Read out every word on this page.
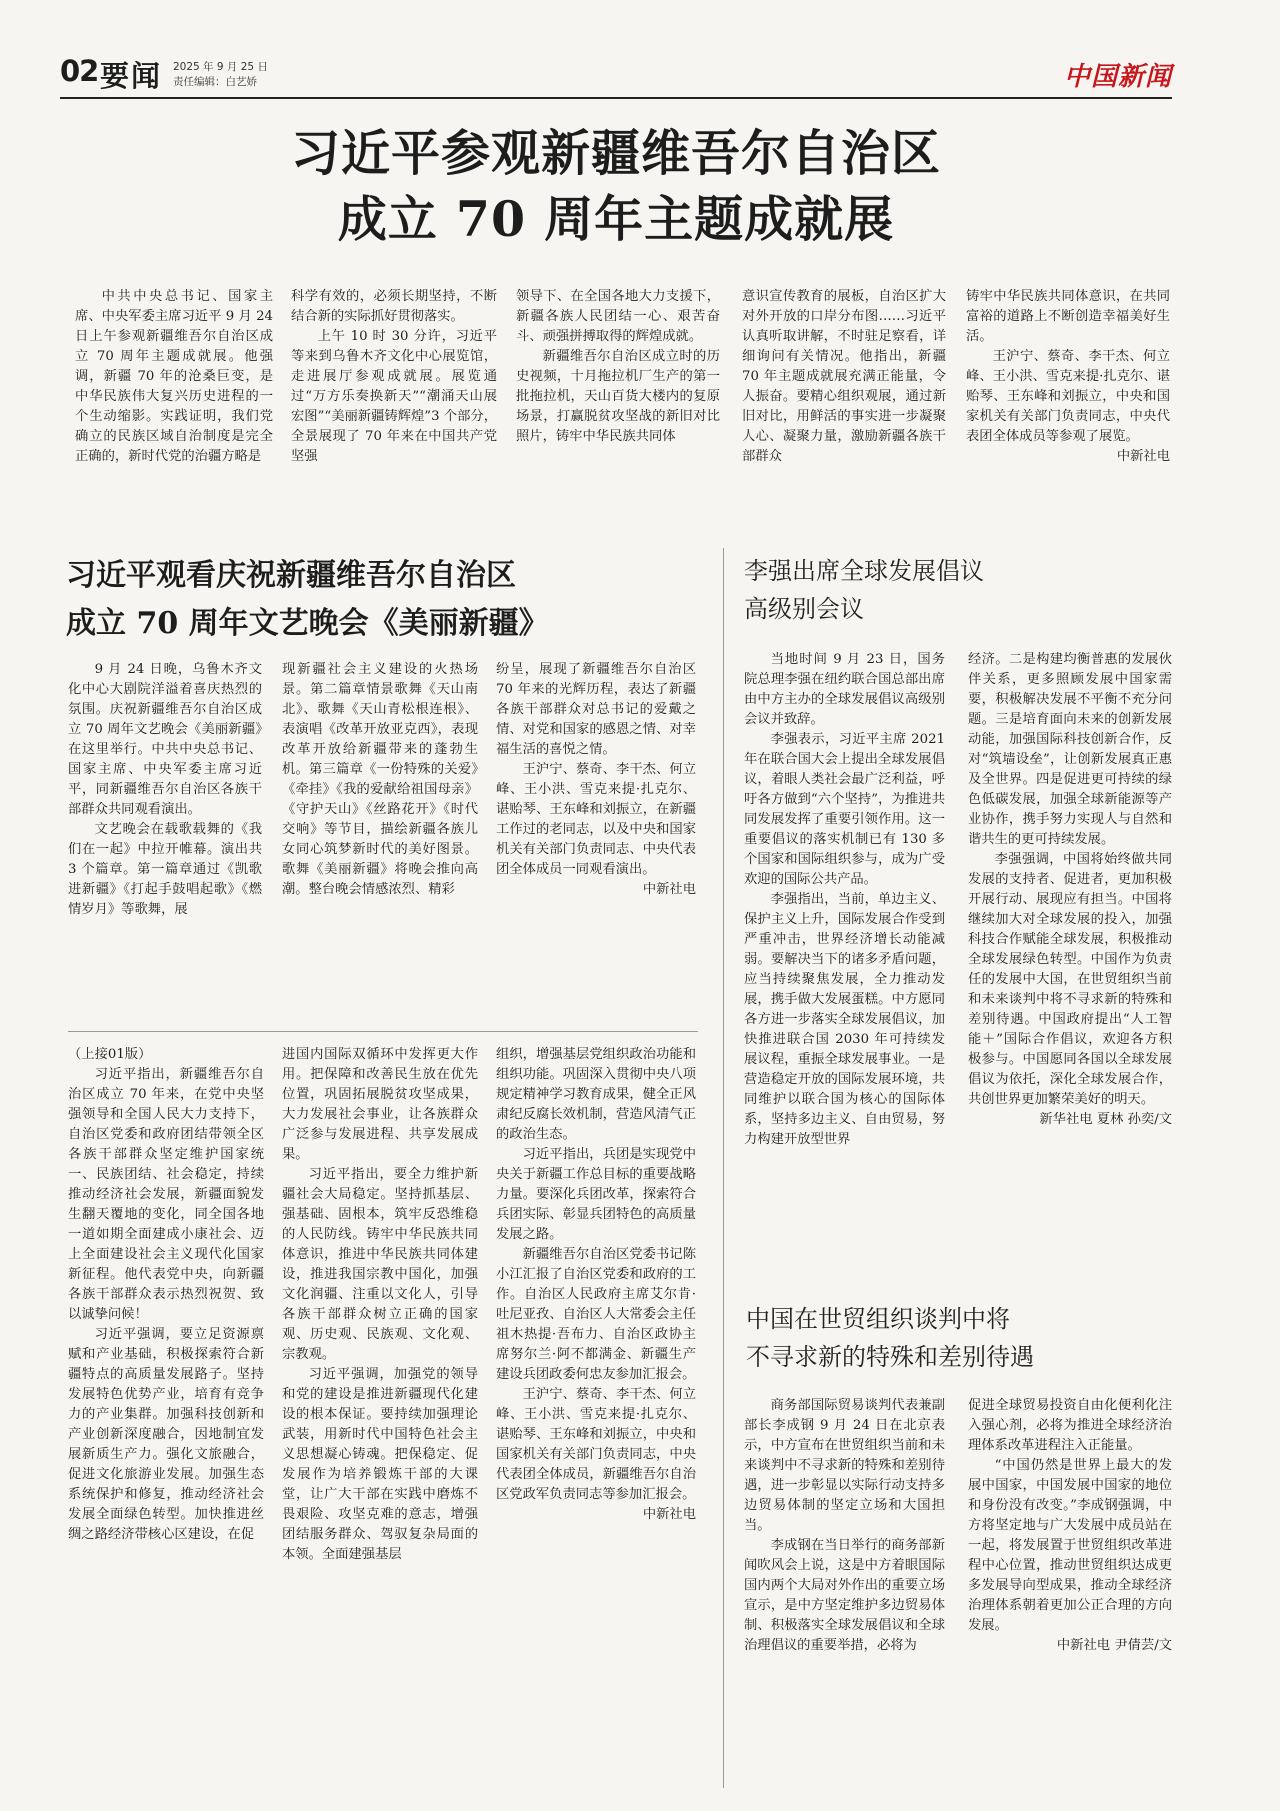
02 要闻 2025 年 9 月 25 日
责任编辑：白艺娇	中国新闻
习近平参观新疆维吾尔自治区
成立 70 周年主题成就展

中共中央总书记、国家主席、中央军委主席习近平 9 月 24 日上午参观新疆维吾尔自治区成立 70 周年主题成就展。他强调，新疆 70 年的沧桑巨变，是中华民族伟大复兴历史进程的一个生动缩影。实践证明，我们党确立的民族区域自治制度是完全正确的，新时代党的治疆方略是

科学有效的，必须长期坚持，不断结合新的实际抓好贯彻落实。

上午 10 时 30 分许，习近平等来到乌鲁木齐文化中心展览馆，走进展厅参观成就展。展览通过“万方乐奏换新天”“潮涌天山展宏图”“美丽新疆铸辉煌”3 个部分，全景展现了 70 年来在中国共产党坚强

领导下、在全国各地大力支援下，新疆各族人民团结一心、艰苦奋斗、顽强拼搏取得的辉煌成就。

新疆维吾尔自治区成立时的历史视频，十月拖拉机厂生产的第一批拖拉机，天山百货大楼内的复原场景，打赢脱贫攻坚战的新旧对比照片，铸牢中华民族共同体

意识宣传教育的展板，自治区扩大对外开放的口岸分布图……习近平认真听取讲解，不时驻足察看，详细询问有关情况。他指出，新疆 70 年主题成就展充满正能量，令人振奋。要精心组织观展，通过新旧对比，用鲜活的事实进一步凝聚人心、凝聚力量，激励新疆各族干部群众

铸牢中华民族共同体意识，在共同富裕的道路上不断创造幸福美好生活。

王沪宁、蔡奇、李干杰、何立峰、王小洪、雪克来提·扎克尔、谌贻琴、王东峰和刘振立，中央和国家机关有关部门负责同志，中央代表团全体成员等参观了展览。

中新社电

习近平观看庆祝新疆维吾尔自治区
成立 70 周年文艺晚会《美丽新疆》

9 月 24 日晚，乌鲁木齐文化中心大剧院洋溢着喜庆热烈的氛围。庆祝新疆维吾尔自治区成立 70 周年文艺晚会《美丽新疆》在这里举行。中共中央总书记、国家主席、中央军委主席习近平，同新疆维吾尔自治区各族干部群众共同观看演出。

文艺晚会在载歌载舞的《我们在一起》中拉开帷幕。演出共 3 个篇章。第一篇章通过《凯歌进新疆》《打起手鼓唱起歌》《燃情岁月》等歌舞，展

现新疆社会主义建设的火热场景。第二篇章情景歌舞《天山南北》、歌舞《天山青松根连根》、表演唱《改革开放亚克西》，表现改革开放给新疆带来的蓬勃生机。第三篇章《一份特殊的关爱》《牵挂》《我的爱献给祖国母亲》《守护天山》《丝路花开》《时代交响》等节目，描绘新疆各族儿女同心筑梦新时代的美好图景。歌舞《美丽新疆》将晚会推向高潮。整台晚会情感浓烈、精彩

纷呈，展现了新疆维吾尔自治区 70 年来的光辉历程，表达了新疆各族干部群众对总书记的爱戴之情、对党和国家的感恩之情、对幸福生活的喜悦之情。

王沪宁、蔡奇、李干杰、何立峰、王小洪、雪克来提·扎克尔、谌贻琴、王东峰和刘振立，在新疆工作过的老同志，以及中央和国家机关有关部门负责同志、中央代表团全体成员一同观看演出。

中新社电

（上接01版）

习近平指出，新疆维吾尔自治区成立 70 年来，在党中央坚强领导和全国人民大力支持下，自治区党委和政府团结带领全区各族干部群众坚定维护国家统一、民族团结、社会稳定，持续推动经济社会发展，新疆面貌发生翻天覆地的变化，同全国各地一道如期全面建成小康社会、迈上全面建设社会主义现代化国家新征程。他代表党中央，向新疆各族干部群众表示热烈祝贺、致以诚挚问候！

习近平强调，要立足资源禀赋和产业基础，积极探索符合新疆特点的高质量发展路子。坚持发展特色优势产业，培育有竞争力的产业集群。加强科技创新和产业创新深度融合，因地制宜发展新质生产力。强化文旅融合，促进文化旅游业发展。加强生态系统保护和修复，推动经济社会发展全面绿色转型。加快推进丝绸之路经济带核心区建设，在促

进国内国际双循环中发挥更大作用。把保障和改善民生放在优先位置，巩固拓展脱贫攻坚成果，大力发展社会事业，让各族群众广泛参与发展进程、共享发展成果。

习近平指出，要全力维护新疆社会大局稳定。坚持抓基层、强基础、固根本，筑牢反恐维稳的人民防线。铸牢中华民族共同体意识，推进中华民族共同体建设，推进我国宗教中国化，加强文化润疆、注重以文化人，引导各族干部群众树立正确的国家观、历史观、民族观、文化观、宗教观。

习近平强调，加强党的领导和党的建设是推进新疆现代化建设的根本保证。要持续加强理论武装，用新时代中国特色社会主义思想凝心铸魂。把保稳定、促发展作为培养锻炼干部的大课堂，让广大干部在实践中磨炼不畏艰险、攻坚克难的意志，增强团结服务群众、驾驭复杂局面的本领。全面建强基层

组织，增强基层党组织政治功能和组织功能。巩固深入贯彻中央八项规定精神学习教育成果，健全正风肃纪反腐长效机制，营造风清气正的政治生态。

习近平指出，兵团是实现党中央关于新疆工作总目标的重要战略力量。要深化兵团改革，探索符合兵团实际、彰显兵团特色的高质量发展之路。

新疆维吾尔自治区党委书记陈小江汇报了自治区党委和政府的工作。自治区人民政府主席艾尔肯·吐尼亚孜、自治区人大常委会主任祖木热提·吾布力、自治区政协主席努尔兰·阿不都满金、新疆生产建设兵团政委何忠友参加汇报会。

王沪宁、蔡奇、李干杰、何立峰、王小洪、雪克来提·扎克尔、谌贻琴、王东峰和刘振立，中央和国家机关有关部门负责同志，中央代表团全体成员，新疆维吾尔自治区党政军负责同志等参加汇报会。

中新社电

李强出席全球发展倡议
高级别会议

当地时间 9 月 23 日，国务院总理李强在纽约联合国总部出席由中方主办的全球发展倡议高级别会议并致辞。

李强表示，习近平主席 2021 年在联合国大会上提出全球发展倡议，着眼人类社会最广泛利益，呼吁各方做到“六个坚持”，为推进共同发展发挥了重要引领作用。这一重要倡议的落实机制已有 130 多个国家和国际组织参与，成为广受欢迎的国际公共产品。

李强指出，当前，单边主义、保护主义上升，国际发展合作受到严重冲击，世界经济增长动能减弱。要解决当下的诸多矛盾问题，应当持续聚焦发展，全力推动发展，携手做大发展蛋糕。中方愿同各方进一步落实全球发展倡议，加快推进联合国 2030 年可持续发展议程，重振全球发展事业。一是营造稳定开放的国际发展环境，共同维护以联合国为核心的国际体系，坚持多边主义、自由贸易，努力构建开放型世界

经济。二是构建均衡普惠的发展伙伴关系，更多照顾发展中国家需要，积极解决发展不平衡不充分问题。三是培育面向未来的创新发展动能，加强国际科技创新合作，反对“筑墙设垒”，让创新发展真正惠及全世界。四是促进更可持续的绿色低碳发展，加强全球新能源等产业协作，携手努力实现人与自然和谐共生的更可持续发展。

李强强调，中国将始终做共同发展的支持者、促进者，更加积极开展行动、展现应有担当。中国将继续加大对全球发展的投入，加强科技合作赋能全球发展，积极推动全球发展绿色转型。中国作为负责任的发展中大国，在世贸组织当前和未来谈判中将不寻求新的特殊和差别待遇。中国政府提出“人工智能＋”国际合作倡议，欢迎各方积极参与。中国愿同各国以全球发展倡议为依托，深化全球发展合作，共创世界更加繁荣美好的明天。

新华社电 夏林 孙奕/文

中国在世贸组织谈判中将
不寻求新的特殊和差别待遇

商务部国际贸易谈判代表兼副部长李成钢 9 月 24 日在北京表示，中方宣布在世贸组织当前和未来谈判中不寻求新的特殊和差别待遇，进一步彰显以实际行动支持多边贸易体制的坚定立场和大国担当。

李成钢在当日举行的商务部新闻吹风会上说，这是中方着眼国际国内两个大局对外作出的重要立场宣示，是中方坚定维护多边贸易体制、积极落实全球发展倡议和全球治理倡议的重要举措，必将为

促进全球贸易投资自由化便利化注入强心剂，必将为推进全球经济治理体系改革进程注入正能量。

“中国仍然是世界上最大的发展中国家，中国发展中国家的地位和身份没有改变。”李成钢强调，中方将坚定地与广大发展中成员站在一起，将发展置于世贸组织改革进程中心位置，推动世贸组织达成更多发展导向型成果，推动全球经济治理体系朝着更加公正合理的方向发展。

中新社电 尹倩芸/文
